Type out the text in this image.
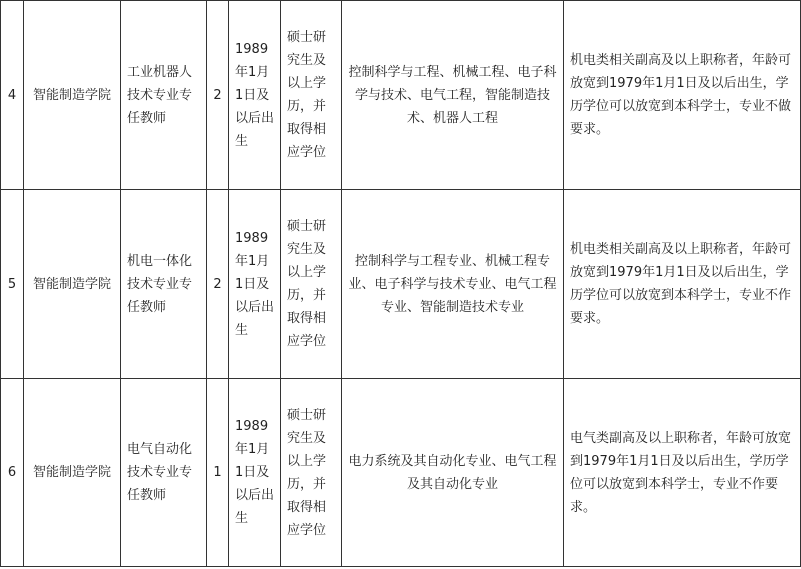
4	智能制造学院	工业机器人技术专业专任教师	2	1989年1月1日及以后出生	硕士研究生及以上学历，并取得相应学位	控制科学与工程、机械工程、电子科学与技术、电气工程，智能制造技术、机器人工程	机电类相关副高及以上职称者，年龄可放宽到1979年1月1日及以后出生，学历学位可以放宽到本科学士，专业不做要求。
5	智能制造学院	机电一体化技术专业专任教师	2	1989年1月1日及以后出生	硕士研究生及以上学历，并取得相应学位	控制科学与工程专业、机械工程专业、电子科学与技术专业、电气工程专业、智能制造技术专业	机电类相关副高及以上职称者，年龄可放宽到1979年1月1日及以后出生，学历学位可以放宽到本科学士，专业不作要求。
6	智能制造学院	电气自动化技术专业专任教师	1	1989年1月1日及以后出生	硕士研究生及以上学历，并取得相应学位	电力系统及其自动化专业、电气工程及其自动化专业	电气类副高及以上职称者，年龄可放宽到1979年1月1日及以后出生，学历学位可以放宽到本科学士，专业不作要求。
